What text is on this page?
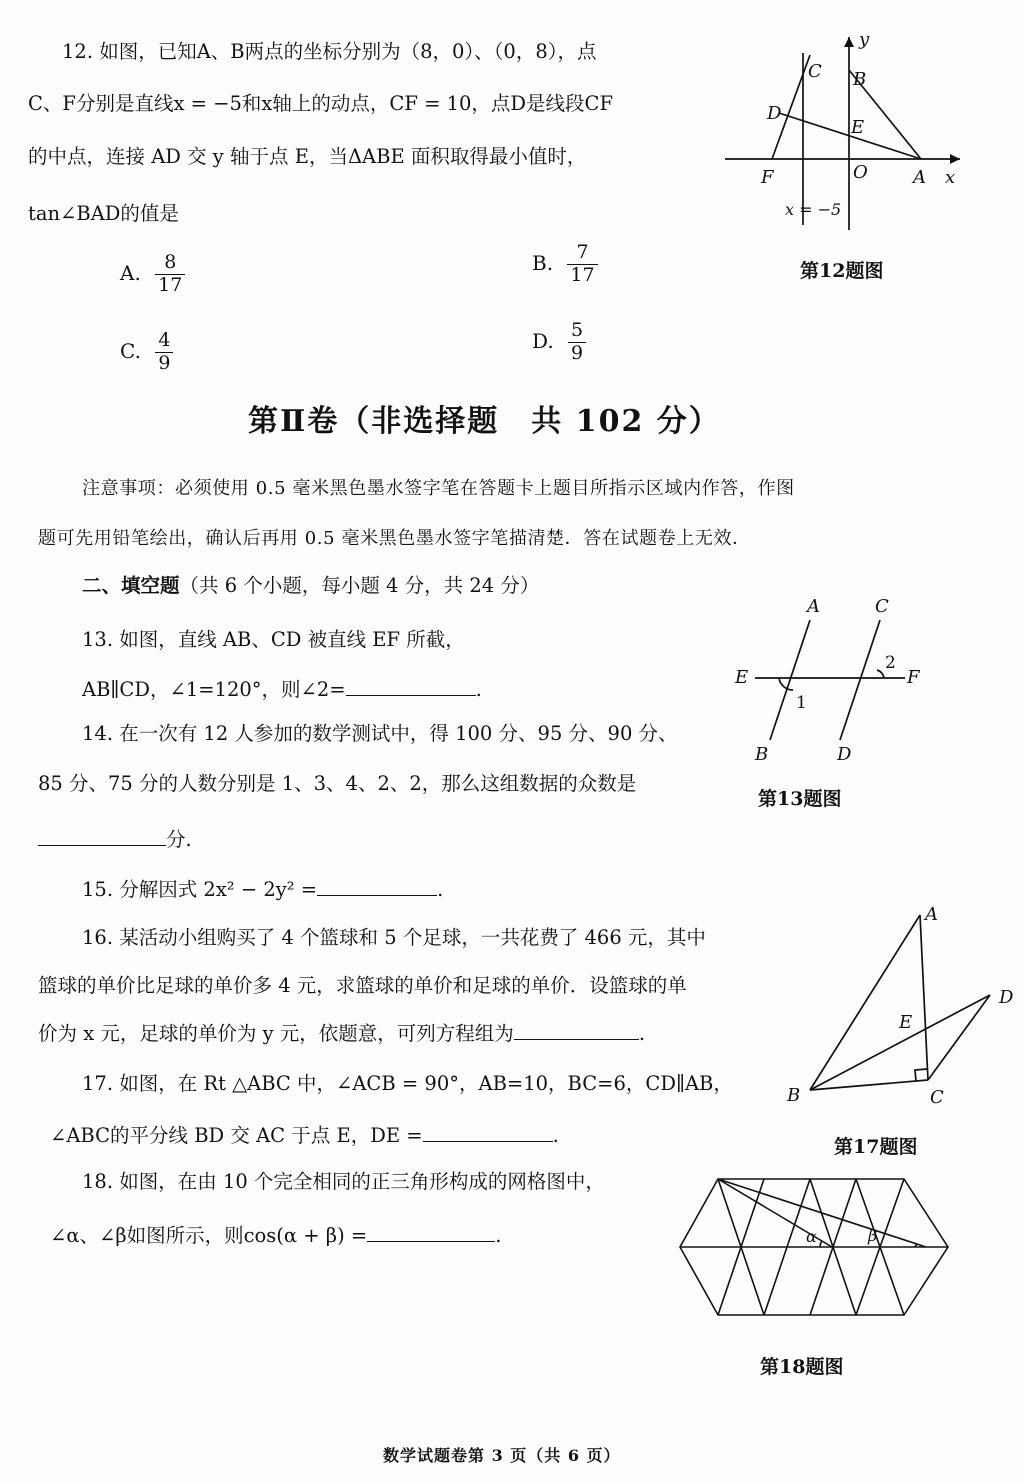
12. 如图，已知A、B两点的坐标分别为（8，0）、（0，8），点
C、F分别是直线x = −5和x轴上的动点，CF = 10，点D是线段CF
的中点，连接 AD 交 y 轴于点 E，当ΔABE 面积取得最小值时，
tan∠BAD的值是
A. $\frac{8}{17}$	B. $\frac{7}{17}$
C. $\frac{4}{9}$	D. $\frac{5}{9}$
y
C B
D
E
F	O	A x
x = −5
第12题图
第Ⅱ卷（非选择题　共 102 分）
注意事项：必须使用 0.5 毫米黑色墨水签字笔在答题卡上题目所指示区域内作答，作图
题可先用铅笔绘出，确认后再用 0.5 毫米黑色墨水签字笔描清楚．答在试题卷上无效．
二、填空题（共 6 个小题，每小题 4 分，共 24 分）
13. 如图，直线 AB、CD 被直线 EF 所截，
AB∥CD，∠1=120°，则∠2=	.
A	C
E	F
B	D
1
2
第13题图
14. 在一次有 12 人参加的数学测试中，得 100 分、95 分、90 分、
85 分、75 分的人数分别是 1、3、4、2、2，那么这组数据的众数是
分.
15. 分解因式 2x² − 2y² =	.
16. 某活动小组购买了 4 个篮球和 5 个足球，一共花费了 466 元，其中
篮球的单价比足球的单价多 4 元，求篮球的单价和足球的单价．设篮球的单
价为 x 元，足球的单价为 y 元，依题意，可列方程组为	.
A
D
E
B	C
第17题图
17. 如图，在 Rt △ABC 中，∠ACB = 90°，AB=10，BC=6，CD∥AB，
∠ABC的平分线 BD 交 AC 于点 E，DE =	.
18. 如图，在由 10 个完全相同的正三角形构成的网格图中，
∠α、∠β如图所示，则cos(α + β) =	.	α	β
第18题图
数学试题卷第 3 页（共 6 页）
